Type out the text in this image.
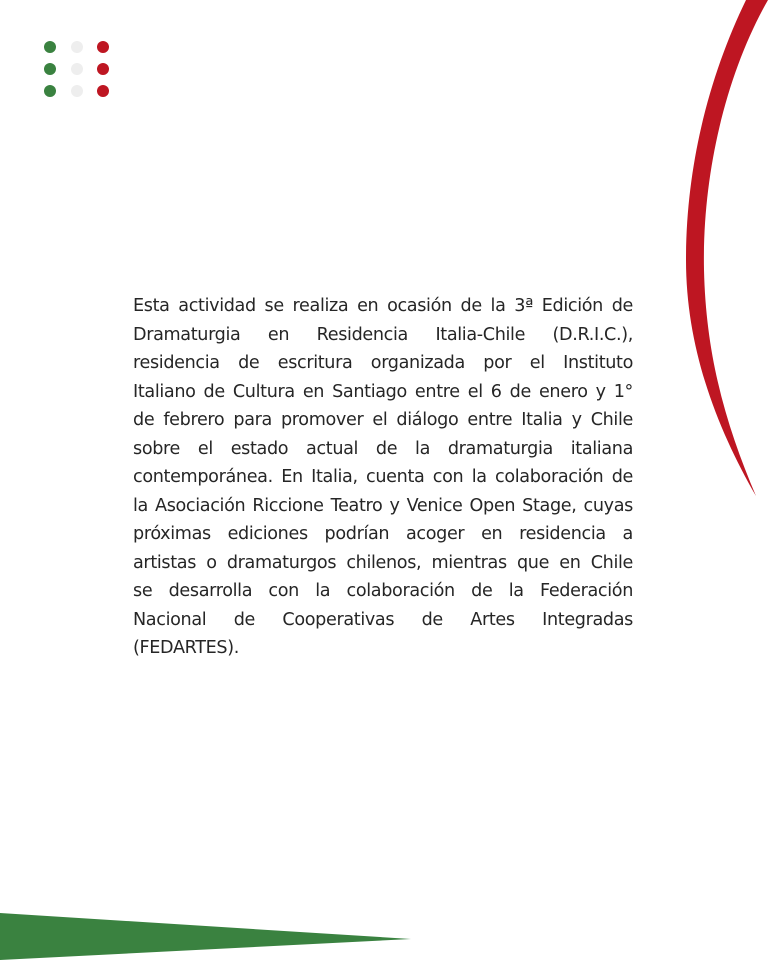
Esta actividad se realiza en ocasión de la 3ª Edición de
Dramaturgia en Residencia Italia-Chile (D.R.I.C.),
residencia de escritura organizada por el Instituto
Italiano de Cultura en Santiago entre el 6 de enero y 1°
de febrero para promover el diálogo entre Italia y Chile
sobre el estado actual de la dramaturgia italiana
contemporánea. En Italia, cuenta con la colaboración de
la Asociación Riccione Teatro y Venice Open Stage, cuyas
próximas ediciones podrían acoger en residencia a
artistas o dramaturgos chilenos, mientras que en Chile
se desarrolla con la colaboración de la Federación
Nacional de Cooperativas de Artes Integradas
(FEDARTES).
